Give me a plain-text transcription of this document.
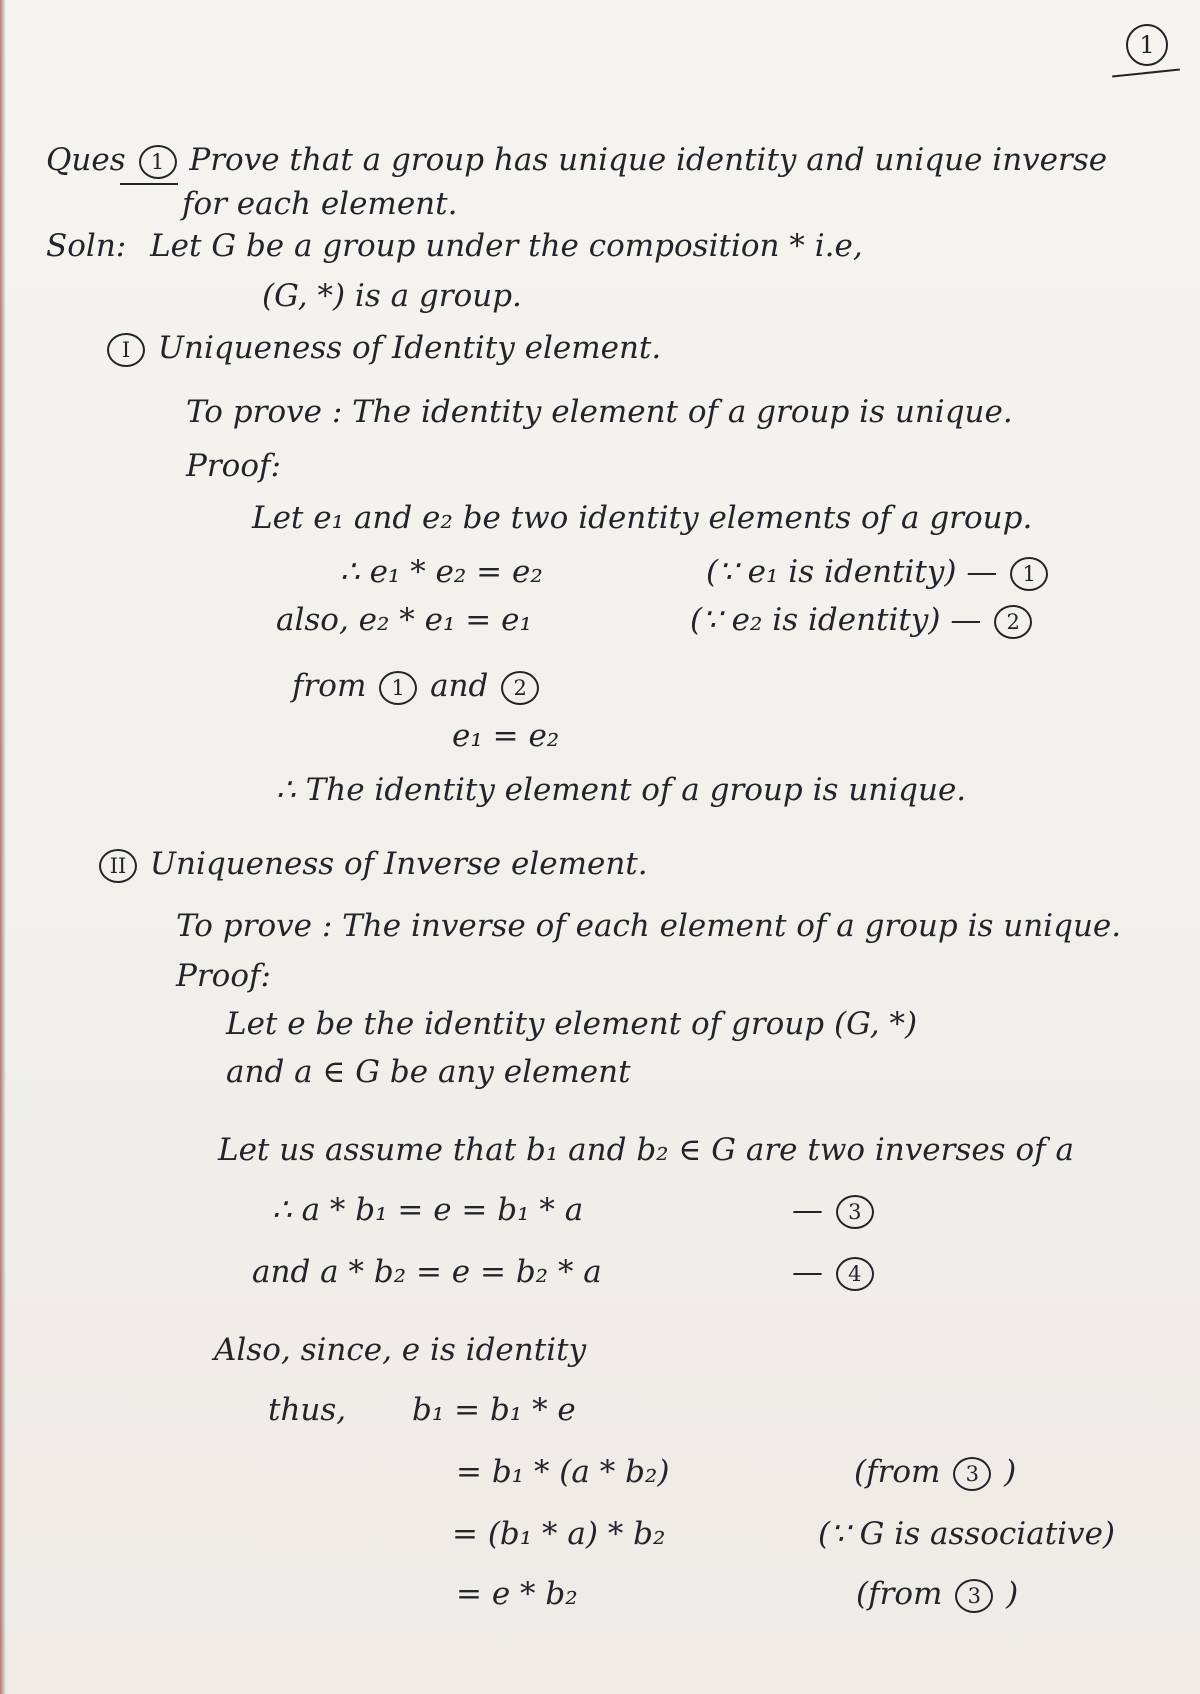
1
Ques 1 Prove that a group has unique identity and unique inverse
for each element.
Soln: Let G be a group under the composition * i.e,
(G, *) is a group.
I Uniqueness of Identity element.
To prove : The identity element of a group is unique.
Proof:
Let e₁ and e₂ be two identity elements of a group.
∴ e₁ * e₂ = e₂	(∵ e₁ is identity) — 1
also, e₂ * e₁ = e₁	(∵ e₂ is identity) — 2
from 1 and 2
e₁ = e₂
∴ The identity element of a group is unique.
II Uniqueness of Inverse element.
To prove : The inverse of each element of a group is unique.
Proof:
Let e be the identity element of group (G, *)
and a ∈ G be any element
Let us assume that b₁ and b₂ ∈ G are two inverses of a
∴ a * b₁ = e = b₁ * a	— 3
and a * b₂ = e = b₂ * a	— 4
Also, since, e is identity
thus, b₁ = b₁ * e
= b₁ * (a * b₂)	(from 3 )
= (b₁ * a) * b₂	(∵ G is associative)
= e * b₂	(from 3 )
